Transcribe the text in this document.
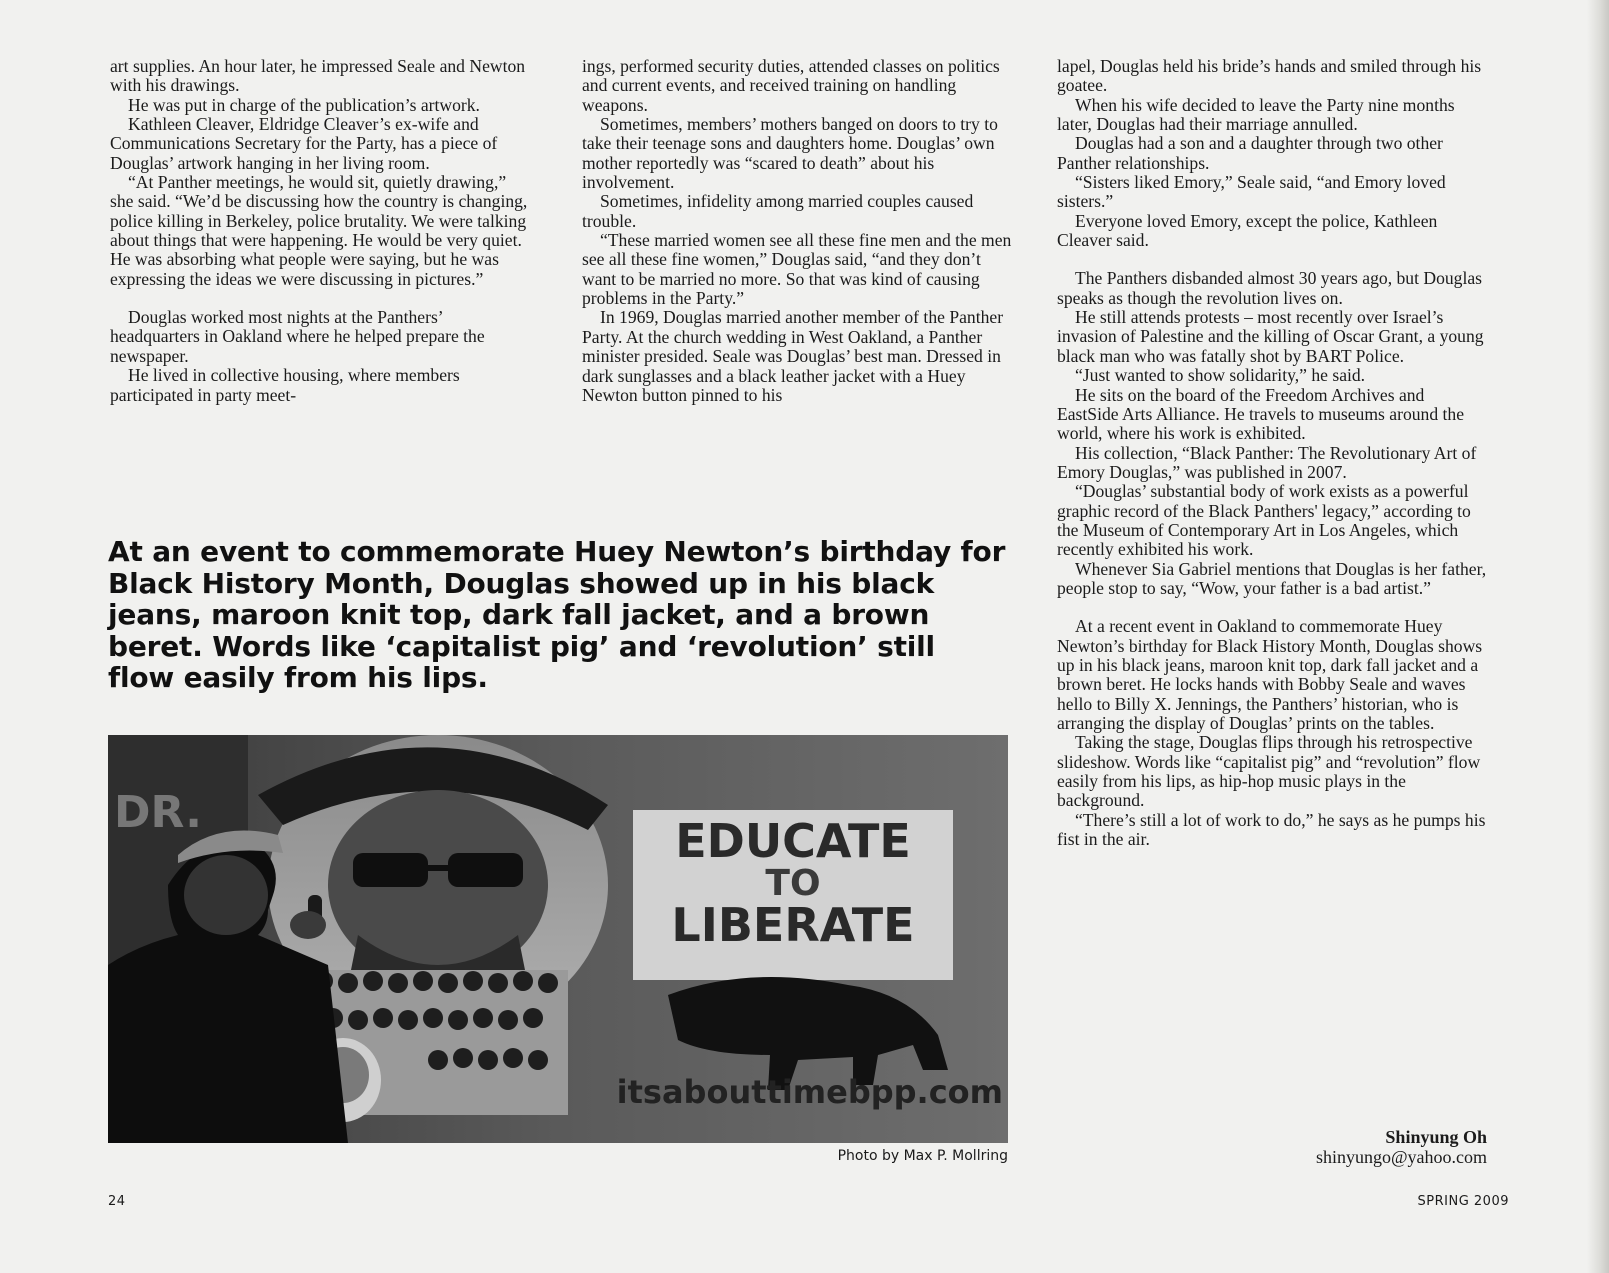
art supplies. An hour later, he impressed Seale and Newton with his drawings.

He was put in charge of the publication’s artwork.

Kathleen Cleaver, Eldridge Cleaver’s ex-wife and Communications Secretary for the Party, has a piece of Douglas’ artwork hanging in her living room.

“At Panther meetings, he would sit, quietly drawing,” she said. “We’d be discussing how the country is changing, police killing in Berkeley, police brutality. We were talking about things that were happening. He would be very quiet. He was absorbing what people were saying, but he was expressing the ideas we were discussing in pictures.”

Douglas worked most nights at the Panthers’ headquarters in Oakland where he helped prepare the newspaper.

He lived in collective housing, where members participated in party meet-

ings, performed security duties, attended classes on politics and current events, and received training on handling weapons.

Sometimes, members’ mothers banged on doors to try to take their teenage sons and daughters home. Douglas’ own mother reportedly was “scared to death” about his involvement.

Sometimes, infidelity among married couples caused trouble.

“These married women see all these fine men and the men see all these fine women,” Douglas said, “and they don’t want to be married no more. So that was kind of causing problems in the Party.”

In 1969, Douglas married another member of the Panther Party. At the church wedding in West Oakland, a Panther minister presided. Seale was Douglas’ best man. Dressed in dark sunglasses and a black leather jacket with a Huey Newton button pinned to his

lapel, Douglas held his bride’s hands and smiled through his goatee.

When his wife decided to leave the Party nine months later, Douglas had their marriage annulled.

Douglas had a son and a daughter through two other Panther relationships.

“Sisters liked Emory,” Seale said, “and Emory loved sisters.”

Everyone loved Emory, except the police, Kathleen Cleaver said.

The Panthers disbanded almost 30 years ago, but Douglas speaks as though the revolution lives on.

He still attends protests – most recently over Israel’s invasion of Palestine and the killing of Oscar Grant, a young black man who was fatally shot by BART Police.

“Just wanted to show solidarity,” he said.

He sits on the board of the Freedom Archives and EastSide Arts Alliance. He travels to museums around the world, where his work is exhibited.

His collection, “Black Panther: The Revolutionary Art of Emory Douglas,” was published in 2007.

“Douglas’ substantial body of work exists as a powerful graphic record of the Black Panthers' legacy,” according to the Museum of Contemporary Art in Los Angeles, which recently exhibited his work.

Whenever Sia Gabriel mentions that Douglas is her father, people stop to say, “Wow, your father is a bad artist.”

At a recent event in Oakland to commemorate Huey Newton’s birthday for Black History Month, Douglas shows up in his black jeans, maroon knit top, dark fall jacket and a brown beret. He locks hands with Bobby Seale and waves hello to Billy X. Jennings, the Panthers’ historian, who is arranging the display of Douglas’ prints on the tables.

Taking the stage, Douglas flips through his retrospective slideshow. Words like “capitalist pig” and “revolution” flow easily from his lips, as hip-hop music plays in the background.

“There’s still a lot of work to do,” he says as he pumps his fist in the air.

At an event to commemorate Huey Newton’s birthday for Black History Month, Douglas showed up in his black jeans, maroon knit top, dark fall jacket, and a brown beret. Words like ‘capitalist pig’ and ‘revolution’ still flow easily from his lips.
DR.
EDUCATE
TO
LIBERATE
itsabouttimebpp.com
Photo by Max P. Mollring
Shinyung Oh
shinyungo@yahoo.com
24	SPRING 2009
